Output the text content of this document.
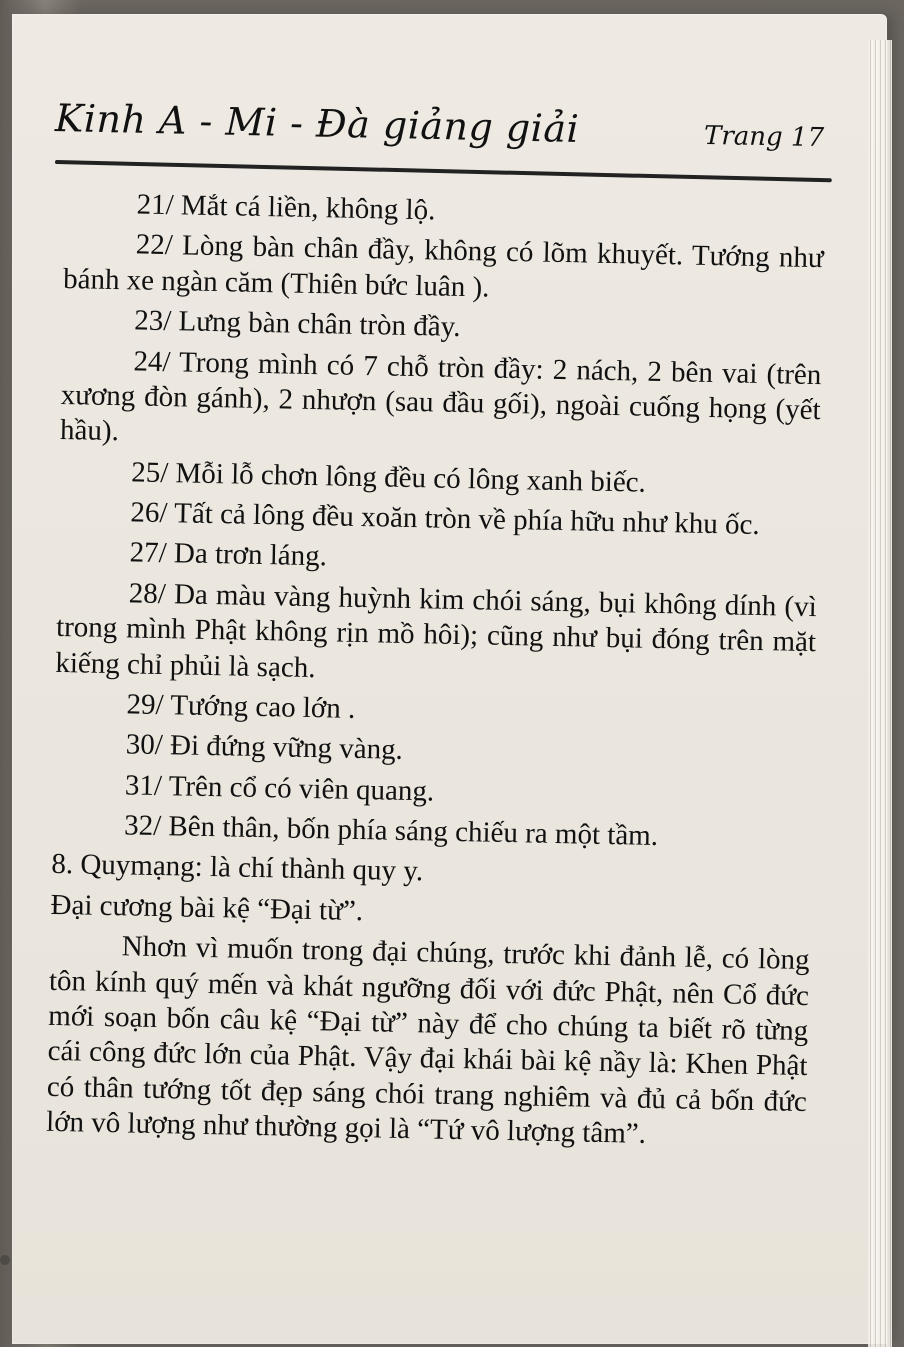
Kinh A - Mi - Đà giảng giải	Trang 17
21/ Mắt cá liền, không lộ.
22/ Lòng bàn chân đầy, không có lõm khuyết. Tướng như bánh xe ngàn căm (Thiên bức luân ).
23/ Lưng bàn chân tròn đầy.
24/ Trong mình có 7 chỗ tròn đầy: 2 nách, 2 bên vai (trên xương đòn gánh), 2 nhượn (sau đầu gối), ngoài cuống họng (yết hầu).
25/ Mỗi lỗ chơn lông đều có lông xanh biếc.
26/ Tất cả lông đều xoăn tròn về phía hữu như khu ốc.
27/ Da trơn láng.
28/ Da màu vàng huỳnh kim chói sáng, bụi không dính (vì trong mình Phật không rịn mồ hôi); cũng như bụi đóng trên mặt kiếng chỉ phủi là sạch.
29/ Tướng cao lớn .
30/ Đi đứng vững vàng.
31/ Trên cổ có viên quang.
32/ Bên thân, bốn phía sáng chiếu ra một tầm.
8. Quymạng: là chí thành quy y.
Đại cương bài kệ “Đại từ”.
Nhơn vì muốn trong đại chúng, trước khi đảnh lễ, có lòng tôn kính quý mến và khát ngưỡng đối với đức Phật, nên Cổ đức mới soạn bốn câu kệ “Đại từ” này để cho chúng ta biết rõ từng cái công đức lớn của Phật. Vậy đại khái bài kệ nầy là: Khen Phật có thân tướng tốt đẹp sáng chói trang nghiêm và đủ cả bốn đức lớn vô lượng như thường gọi là “Tứ vô lượng tâm”.
